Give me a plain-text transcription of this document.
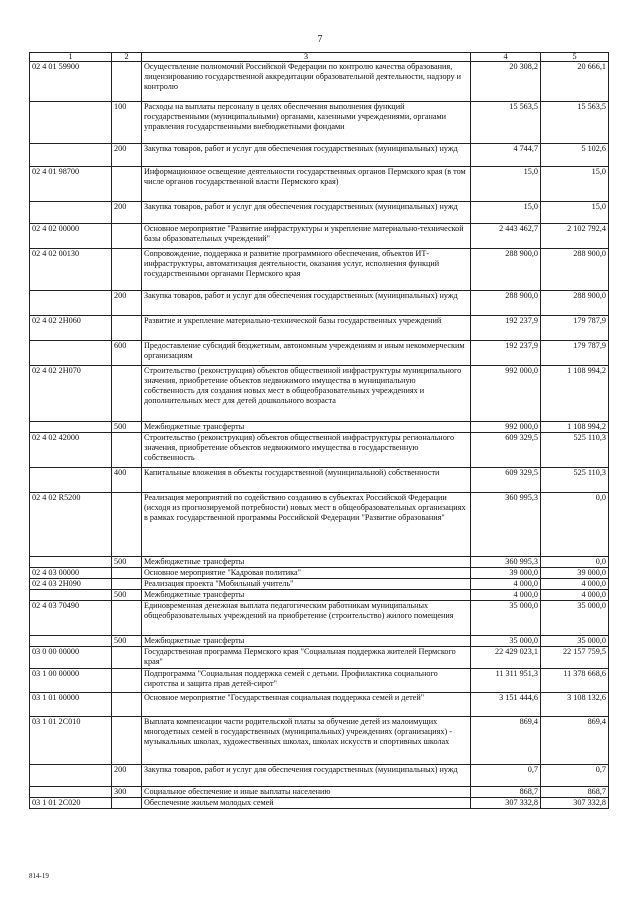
7
1	2	3	4	5
02 4 01 59900		Осуществление полномочий Российской Федерации по контролю качества образования, лицензированию государственной аккредитации образовательной деятельности, надзору и контролю	20 308,2	20 666,1
	100	Расходы на выплаты персоналу в целях обеспечения выполнения функций государственными (муниципальными) органами, казенными учреждениями, органами управления государственными внебюджетными фондами	15 563,5	15 563,5
	200	Закупка товаров, работ и услуг для обеспечения государственных (муниципальных) нужд	4 744,7	5 102,6
02 4 01 98700		Информационное освещение деятельности государственных органов Пермского края (в том числе органов государственной власти Пермского края)	15,0	15,0
	200	Закупка товаров, работ и услуг для обеспечения государственных (муниципальных) нужд	15,0	15,0
02 4 02 00000		Основное мероприятие "Развитие инфраструктуры и укрепление материально-технической базы образовательных учреждений"	2 443 462,7	2 102 792,4
02 4 02 00130		Сопровождение, поддержка и развитие программного обеспечения, объектов ИТ-инфраструктуры, автоматизация деятельности, оказания услуг, исполнения функций государственными органами Пермского края	288 900,0	288 900,0
	200	Закупка товаров, работ и услуг для обеспечения государственных (муниципальных) нужд	288 900,0	288 900,0
02 4 02 2Н060		Развитие и укрепление материально-технической базы государственных учреждений	192 237,9	179 787,9
	600	Предоставление субсидий бюджетным, автономным учреждениям и иным некоммерческим организациям	192 237,9	179 787,9
02 4 02 2Н070		Строительство (реконструкция) объектов общественной инфраструктуры муниципального значения, приобретение объектов недвижимого имущества в муниципальную собственность для создания новых мест в общеобразовательных учреждениях и дополнительных мест для детей дошкольного возраста	992 000,0	1 108 994,2
	500	Межбюджетные трансферты	992 000,0	1 108 994,2
02 4 02 42000		Строительство (реконструкция) объектов общественной инфраструктуры регионального значения, приобретение объектов недвижимого имущества в государственную собственность	609 329,5	525 110,3
	400	Капитальные вложения в объекты государственной (муниципальной) собственности	609 329,5	525 110,3
02 4 02 R5200		Реализация мероприятий по содействию созданию в субъектах Российской Федерации (исходя из прогнозируемой потребности) новых мест в общеобразовательных организациях в рамках государственной программы Российской Федерации "Развитие образования"	360 995,3	0,0
	500	Межбюджетные трансферты	360 995,3	0,0
02 4 03 00000		Основное мероприятие "Кадровая политика"	39 000,0	39 000,0
02 4 03 2Н090		Реализация проекта "Мобильный учитель"	4 000,0	4 000,0
	500	Межбюджетные трансферты	4 000,0	4 000,0
02 4 03 70490		Единовременная денежная выплата педагогическим работникам муниципальных общеобразовательных учреждений на приобретение (строительство) жилого помещения	35 000,0	35 000,0
	500	Межбюджетные трансферты	35 000,0	35 000,0
03 0 00 00000		Государственная программа Пермского края "Социальная поддержка жителей Пермского края"	22 429 023,1	22 157 759,5
03 1 00 00000		Подпрограмма "Социальная поддержка семей с детьми. Профилактика социального сиротства и защита прав детей-сирот"	11 311 951,3	11 378 668,6
03 1 01 00000		Основное мероприятие "Государственная социальная поддержка семей и детей"	3 151 444,6	3 108 132,6
03 1 01 2С010		Выплата компенсации части родительской платы за обучение детей из малоимущих многодетных семей в государственных (муниципальных) учреждениях (организациях) - музыкальных школах, художественных школах, школах искусств и спортивных школах	869,4	869,4
	200	Закупка товаров, работ и услуг для обеспечения государственных (муниципальных) нужд	0,7	0,7
	300	Социальное обеспечение и иные выплаты населению	868,7	868,7
03 1 01 2С020		Обеспечение жильем молодых семей	307 332,8	307 332,8
814-19
